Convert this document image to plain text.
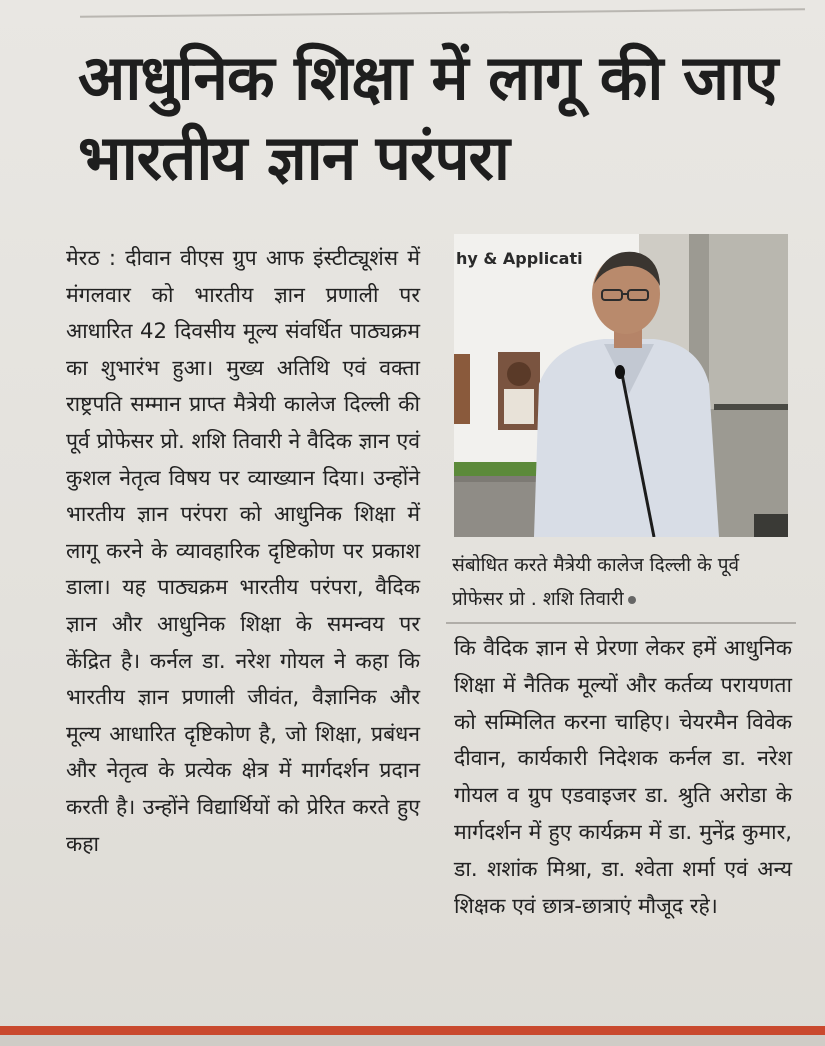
आधुनिक शिक्षा में लागू की जाए भारतीय ज्ञान परंपरा

मेरठ : दीवान वीएस ग्रुप आफ इंस्टीट्यूशंस में मंगलवार को भारतीय ज्ञान प्रणाली पर आधारित 42 दिवसीय मूल्य संवर्धित पाठ्यक्रम का शुभारंभ हुआ। मुख्य अतिथि एवं वक्ता राष्ट्रपति सम्मान प्राप्त मैत्रेयी कालेज दिल्ली की पूर्व प्रोफेसर प्रो. शशि तिवारी ने वैदिक ज्ञान एवं कुशल नेतृत्व विषय पर व्याख्यान दिया। उन्होंने भारतीय ज्ञान परंपरा को आधुनिक शिक्षा में लागू करने के व्यावहारिक दृष्टिकोण पर प्रकाश डाला। यह पाठ्यक्रम भारतीय परंपरा, वैदिक ज्ञान और आधुनिक शिक्षा के समन्वय पर केंद्रित है। कर्नल डा. नरेश गोयल ने कहा कि भारतीय ज्ञान प्रणाली जीवंत, वैज्ञानिक और मूल्य आधारित दृष्टिकोण है, जो शिक्षा, प्रबंधन और नेतृत्व के प्रत्येक क्षेत्र में मार्गदर्शन प्रदान करती है। उन्होंने विद्यार्थियों को प्रेरित करते हुए कहा

hy & Applicati

संबोधित करते मैत्रेयी कालेज दिल्ली के पूर्व प्रोफेसर प्रो . शशि तिवारी

कि वैदिक ज्ञान से प्रेरणा लेकर हमें आधुनिक शिक्षा में नैतिक मूल्यों और कर्तव्य परायणता को सम्मिलित करना चाहिए। चेयरमैन विवेक दीवान, कार्यकारी निदेशक कर्नल डा. नरेश गोयल व ग्रुप एडवाइजर डा. श्रुति अरोडा के मार्गदर्शन में हुए कार्यक्रम में डा. मुनेंद्र कुमार, डा. शशांक मिश्रा, डा. श्वेता शर्मा एवं अन्य शिक्षक एवं छात्र-छात्राएं मौजूद रहे।
